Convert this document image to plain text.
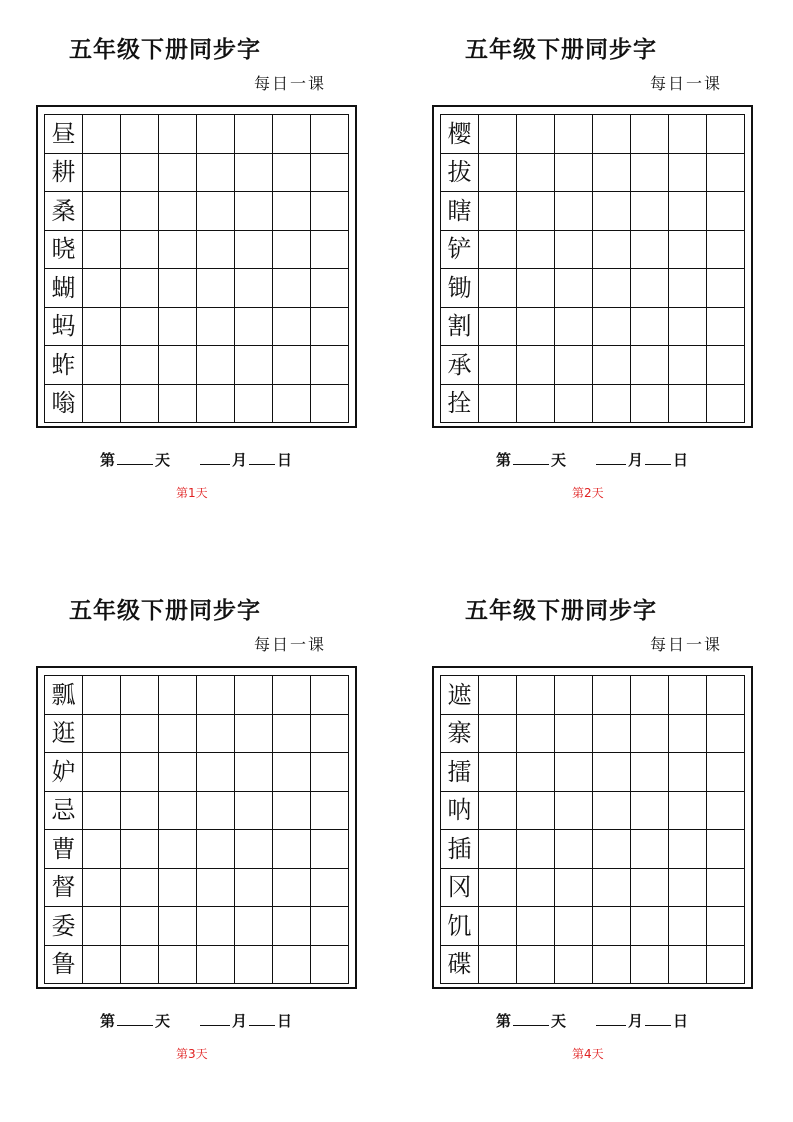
五年级下册同步字
每日一课
昼
耕
桑
晓
蝴
蚂
蚱
嗡
第	天	月 日
第1天
五年级下册同步字
每日一课
樱
拔
瞎
铲
锄
割
承
拴
第	天	月 日
第2天
五年级下册同步字
每日一课
瓢
逛
妒
忌
曹
督
委
鲁
第	天	月 日
第3天
五年级下册同步字
每日一课
遮
寨
擂
呐
插
冈
饥
碟
第	天	月 日
第4天
